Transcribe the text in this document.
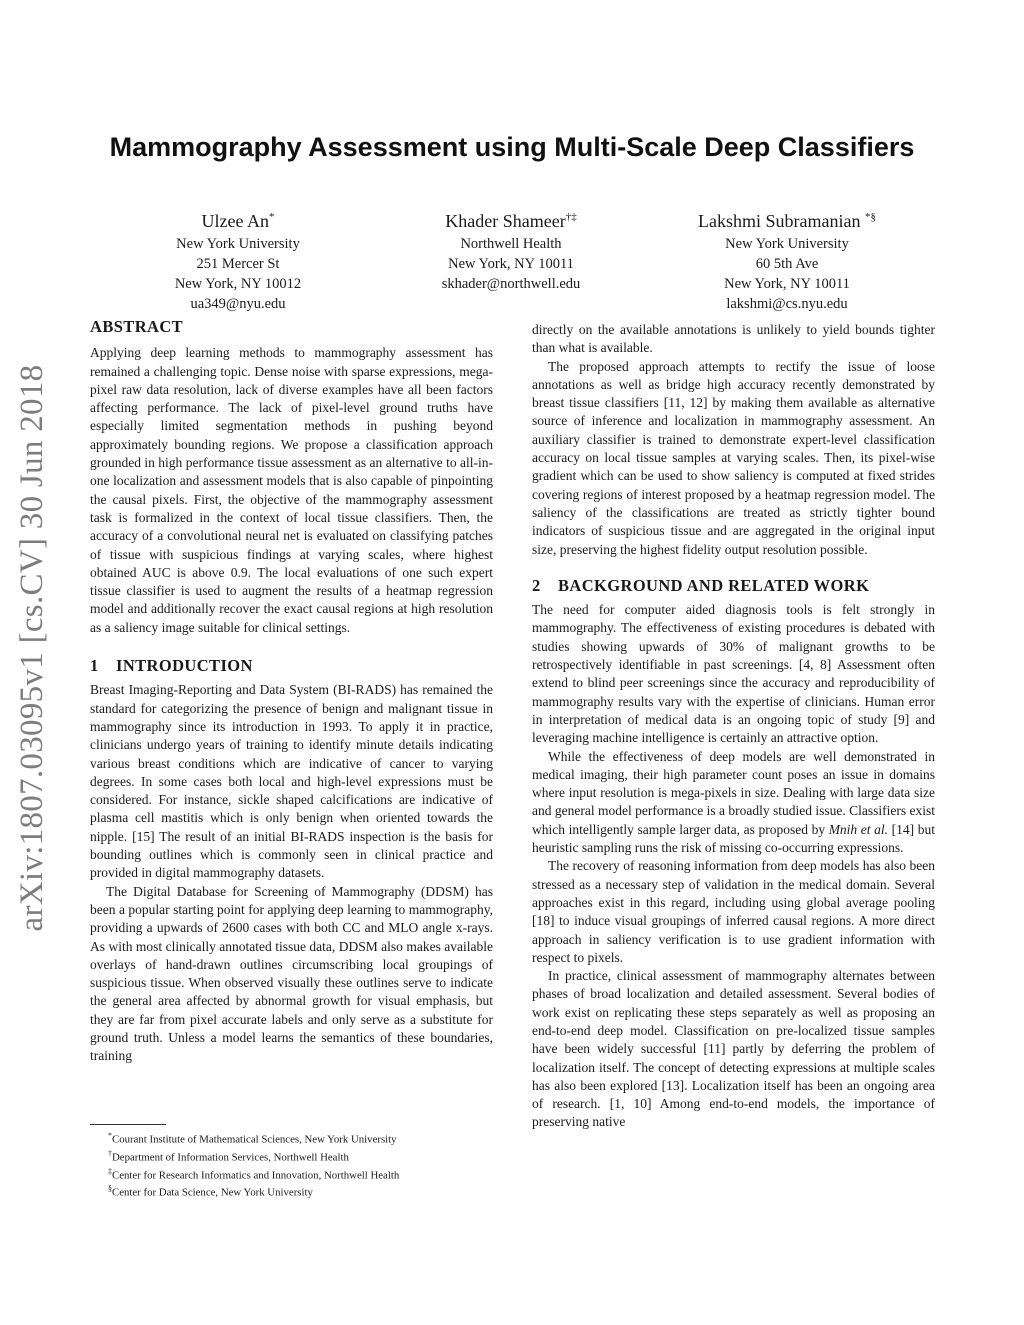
arXiv:1807.03095v1 [cs.CV] 30 Jun 2018
Mammography Assessment using Multi-Scale Deep Classifiers
Ulzee An*
New York University
251 Mercer St
New York, NY 10012
ua349@nyu.edu
Khader Shameer†‡
Northwell Health
New York, NY 10011
skhader@northwell.edu
Lakshmi Subramanian *§
New York University
60 5th Ave
New York, NY 10011
lakshmi@cs.nyu.edu
ABSTRACT

Applying deep learning methods to mammography assessment has remained a challenging topic. Dense noise with sparse expressions, mega-pixel raw data resolution, lack of diverse examples have all been factors affecting performance. The lack of pixel-level ground truths have especially limited segmentation methods in pushing beyond approximately bounding regions. We propose a classification approach grounded in high performance tissue assessment as an alternative to all-in-one localization and assessment models that is also capable of pinpointing the causal pixels. First, the objective of the mammography assessment task is formalized in the context of local tissue classifiers. Then, the accuracy of a convolutional neural net is evaluated on classifying patches of tissue with suspicious findings at varying scales, where highest obtained AUC is above 0.9. The local evaluations of one such expert tissue classifier is used to augment the results of a heatmap regression model and additionally recover the exact causal regions at high resolution as a saliency image suitable for clinical settings.

1 INTRODUCTION

Breast Imaging-Reporting and Data System (BI-RADS) has remained the standard for categorizing the presence of benign and malignant tissue in mammography since its introduction in 1993. To apply it in practice, clinicians undergo years of training to identify minute details indicating various breast conditions which are indicative of cancer to varying degrees. In some cases both local and high-level expressions must be considered. For instance, sickle shaped calcifications are indicative of plasma cell mastitis which is only benign when oriented towards the nipple. [15] The result of an initial BI-RADS inspection is the basis for bounding outlines which is commonly seen in clinical practice and provided in digital mammography datasets.

The Digital Database for Screening of Mammography (DDSM) has been a popular starting point for applying deep learning to mammography, providing a upwards of 2600 cases with both CC and MLO angle x-rays. As with most clinically annotated tissue data, DDSM also makes available overlays of hand-drawn outlines circumscribing local groupings of suspicious tissue. When observed visually these outlines serve to indicate the general area affected by abnormal growth for visual emphasis, but they are far from pixel accurate labels and only serve as a substitute for ground truth. Unless a model learns the semantics of these boundaries, training

directly on the available annotations is unlikely to yield bounds tighter than what is available.

The proposed approach attempts to rectify the issue of loose annotations as well as bridge high accuracy recently demonstrated by breast tissue classifiers [11, 12] by making them available as alternative source of inference and localization in mammography assessment. An auxiliary classifier is trained to demonstrate expert-level classification accuracy on local tissue samples at varying scales. Then, its pixel-wise gradient which can be used to show saliency is computed at fixed strides covering regions of interest proposed by a heatmap regression model. The saliency of the classifications are treated as strictly tighter bound indicators of suspicious tissue and are aggregated in the original input size, preserving the highest fidelity output resolution possible.

2 BACKGROUND AND RELATED WORK

The need for computer aided diagnosis tools is felt strongly in mammography. The effectiveness of existing procedures is debated with studies showing upwards of 30% of malignant growths to be retrospectively identifiable in past screenings. [4, 8] Assessment often extend to blind peer screenings since the accuracy and reproducibility of mammography results vary with the expertise of clinicians. Human error in interpretation of medical data is an ongoing topic of study [9] and leveraging machine intelligence is certainly an attractive option.

While the effectiveness of deep models are well demonstrated in medical imaging, their high parameter count poses an issue in domains where input resolution is mega-pixels in size. Dealing with large data size and general model performance is a broadly studied issue. Classifiers exist which intelligently sample larger data, as proposed by Mnih et al. [14] but heuristic sampling runs the risk of missing co-occurring expressions.

The recovery of reasoning information from deep models has also been stressed as a necessary step of validation in the medical domain. Several approaches exist in this regard, including using global average pooling [18] to induce visual groupings of inferred causal regions. A more direct approach in saliency verification is to use gradient information with respect to pixels.

In practice, clinical assessment of mammography alternates between phases of broad localization and detailed assessment. Several bodies of work exist on replicating these steps separately as well as proposing an end-to-end deep model. Classification on pre-localized tissue samples have been widely successful [11] partly by deferring the problem of localization itself. The concept of detecting expressions at multiple scales has also been explored [13]. Localization itself has been an ongoing area of research. [1, 10] Among end-to-end models, the importance of preserving native

*Courant Institute of Mathematical Sciences, New York University
†Department of Information Services, Northwell Health
‡Center for Research Informatics and Innovation, Northwell Health
§Center for Data Science, New York University
